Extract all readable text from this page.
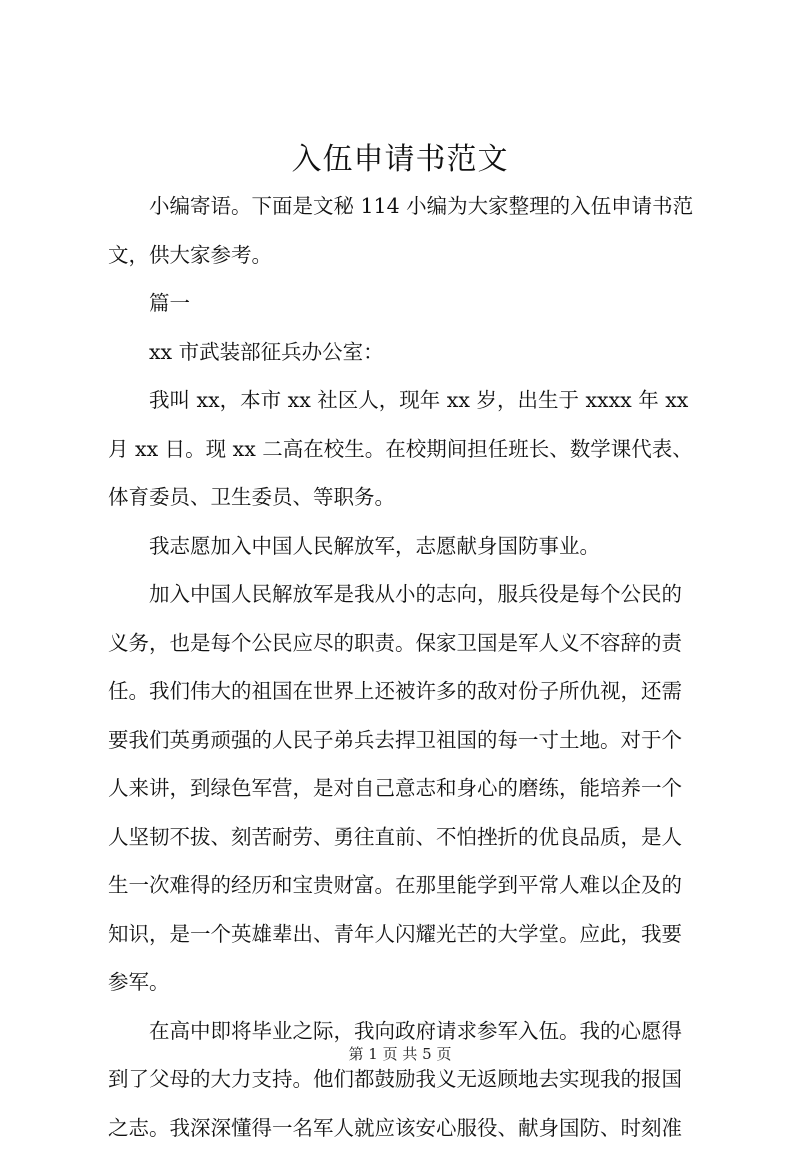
入伍申请书范文
小编寄语。下面是文秘 114 小编为大家整理的入伍申请书范
文，供大家参考。
篇一
xx 市武装部征兵办公室：
我叫 xx，本市 xx 社区人，现年 xx 岁，出生于 xxxx 年 xx
月 xx 日。现 xx 二高在校生。在校期间担任班长、数学课代表、
体育委员、卫生委员、等职务。
我志愿加入中国人民解放军，志愿献身国防事业。
加入中国人民解放军是我从小的志向，服兵役是每个公民的
义务，也是每个公民应尽的职责。保家卫国是军人义不容辞的责
任。我们伟大的祖国在世界上还被许多的敌对份子所仇视，还需
要我们英勇顽强的人民子弟兵去捍卫祖国的每一寸土地。对于个
人来讲，到绿色军营，是对自己意志和身心的磨练，能培养一个
人坚韧不拔、刻苦耐劳、勇往直前、不怕挫折的优良品质，是人
生一次难得的经历和宝贵财富。在那里能学到平常人难以企及的
知识，是一个英雄辈出、青年人闪耀光芒的大学堂。应此，我要
参军。
在高中即将毕业之际，我向政府请求参军入伍。我的心愿得
到了父母的大力支持。他们都鼓励我义无返顾地去实现我的报国
之志。我深深懂得一名军人就应该安心服役、献身国防、时刻准
第 1 页 共 5 页
